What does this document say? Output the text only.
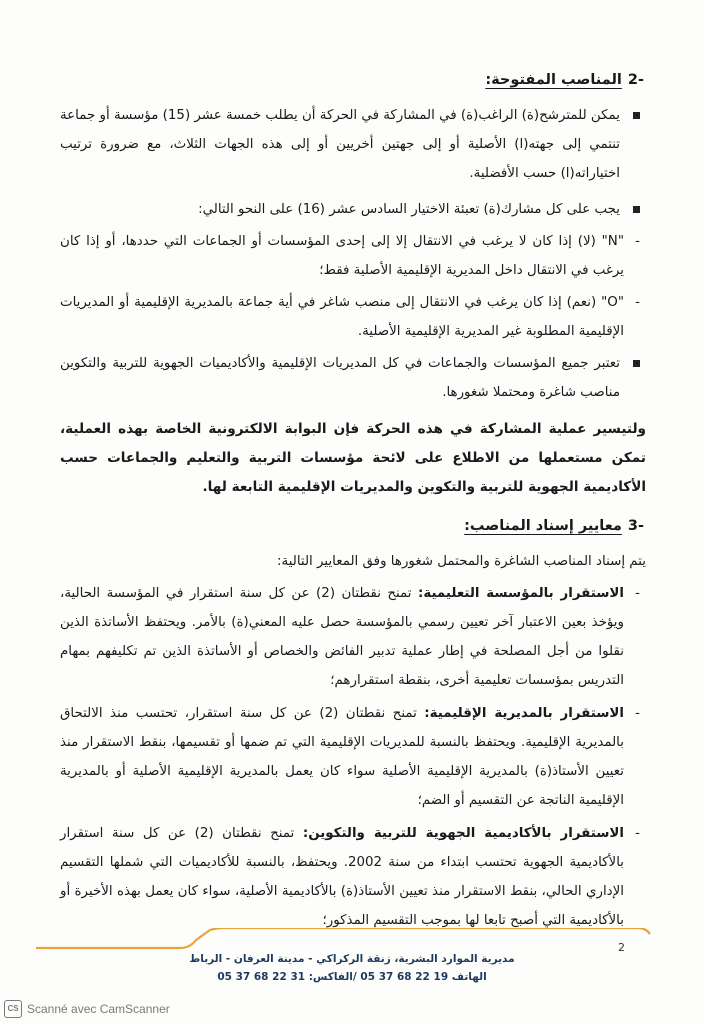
-2
المناصب المفتوحة:

يمكن للمترشح(ة) الراغب(ة) في المشاركة في الحركة أن يطلب خمسة عشر (15) مؤسسة أو جماعة تنتمي إلى جهته(ا) الأصلية أو إلى جهتين أخريين أو إلى هذه الجهات الثلاث، مع ضرورة ترتيب اختياراته(ا) حسب الأفضلية.

يجب على كل مشارك(ة) تعبئة الاختيار السادس عشر (16) على النحو التالي:

-
"N" (لا) إذا كان لا يرغب في الانتقال إلا إلى إحدى المؤسسات أو الجماعات التي حددها، أو إذا كان يرغب في الانتقال داخل المديرية الإقليمية الأصلية فقط؛

-
"O" (نعم) إذا كان يرغب في الانتقال إلى منصب شاغر في أية جماعة بالمديرية الإقليمية أو المديريات الإقليمية المطلوبة غير المديرية الإقليمية الأصلية.

تعتبر جميع المؤسسات والجماعات في كل المديريات الإقليمية والأكاديميات الجهوية للتربية والتكوين مناصب شاغرة ومحتملا شغورها.

ولتيسير عملية المشاركة في هذه الحركة فإن البوابة الالكترونية الخاصة بهذه العملية، تمكن مستعملها من الاطلاع على لائحة مؤسسات التربية والتعليم والجماعات حسب الأكاديمية الجهوية للتربية والتكوين والمديريات الإقليمية التابعة لها.

-3
معايير إسناد المناصب:

يتم إسناد المناصب الشاغرة والمحتمل شغورها وفق المعايير التالية:

-
الاستقرار بالمؤسسة التعليمية: تمنح نقطتان (2) عن كل سنة استقرار في المؤسسة الحالية، ويؤخذ بعين الاعتبار آخر تعيين رسمي بالمؤسسة حصل عليه المعني(ة) بالأمر. ويحتفظ الأساتذة الذين نقلوا من أجل المصلحة في إطار عملية تدبير الفائض والخصاص أو الأساتذة الذين تم تكليفهم بمهام التدريس بمؤسسات تعليمية أخرى، بنقطة استقرارهم؛

-
الاستقرار بالمديرية الإقليمية: تمنح نقطتان (2) عن كل سنة استقرار، تحتسب منذ الالتحاق بالمديرية الإقليمية. ويحتفظ بالنسبة للمديريات الإقليمية التي تم ضمها أو تقسيمها، بنقط الاستقرار منذ تعيين الأستاذ(ة) بالمديرية الإقليمية الأصلية سواء كان يعمل بالمديرية الإقليمية الأصلية أو بالمديرية الإقليمية الناتجة عن التقسيم أو الضم؛

-
الاستقرار بالأكاديمية الجهوية للتربية والتكوين: تمنح نقطتان (2) عن كل سنة استقرار بالأكاديمية الجهوية تحتسب ابتداء من سنة 2002. ويحتفظ، بالنسبة للأكاديميات التي شملها التقسيم الإداري الحالي، بنقط الاستقرار منذ تعيين الأستاذ(ة) بالأكاديمية الأصلية، سواء كان يعمل بهذه الأخيرة أو بالأكاديمية التي أصبح تابعا لها بموجب التقسيم المذكور؛

مديرية الموارد البشرية، زنقة الركراكي - مدينة العرفان - الرباط
الهاتف 19 22 68 37 05 /الفاكس: 31 22 68 37 05
2
CS Scanné avec CamScanner
